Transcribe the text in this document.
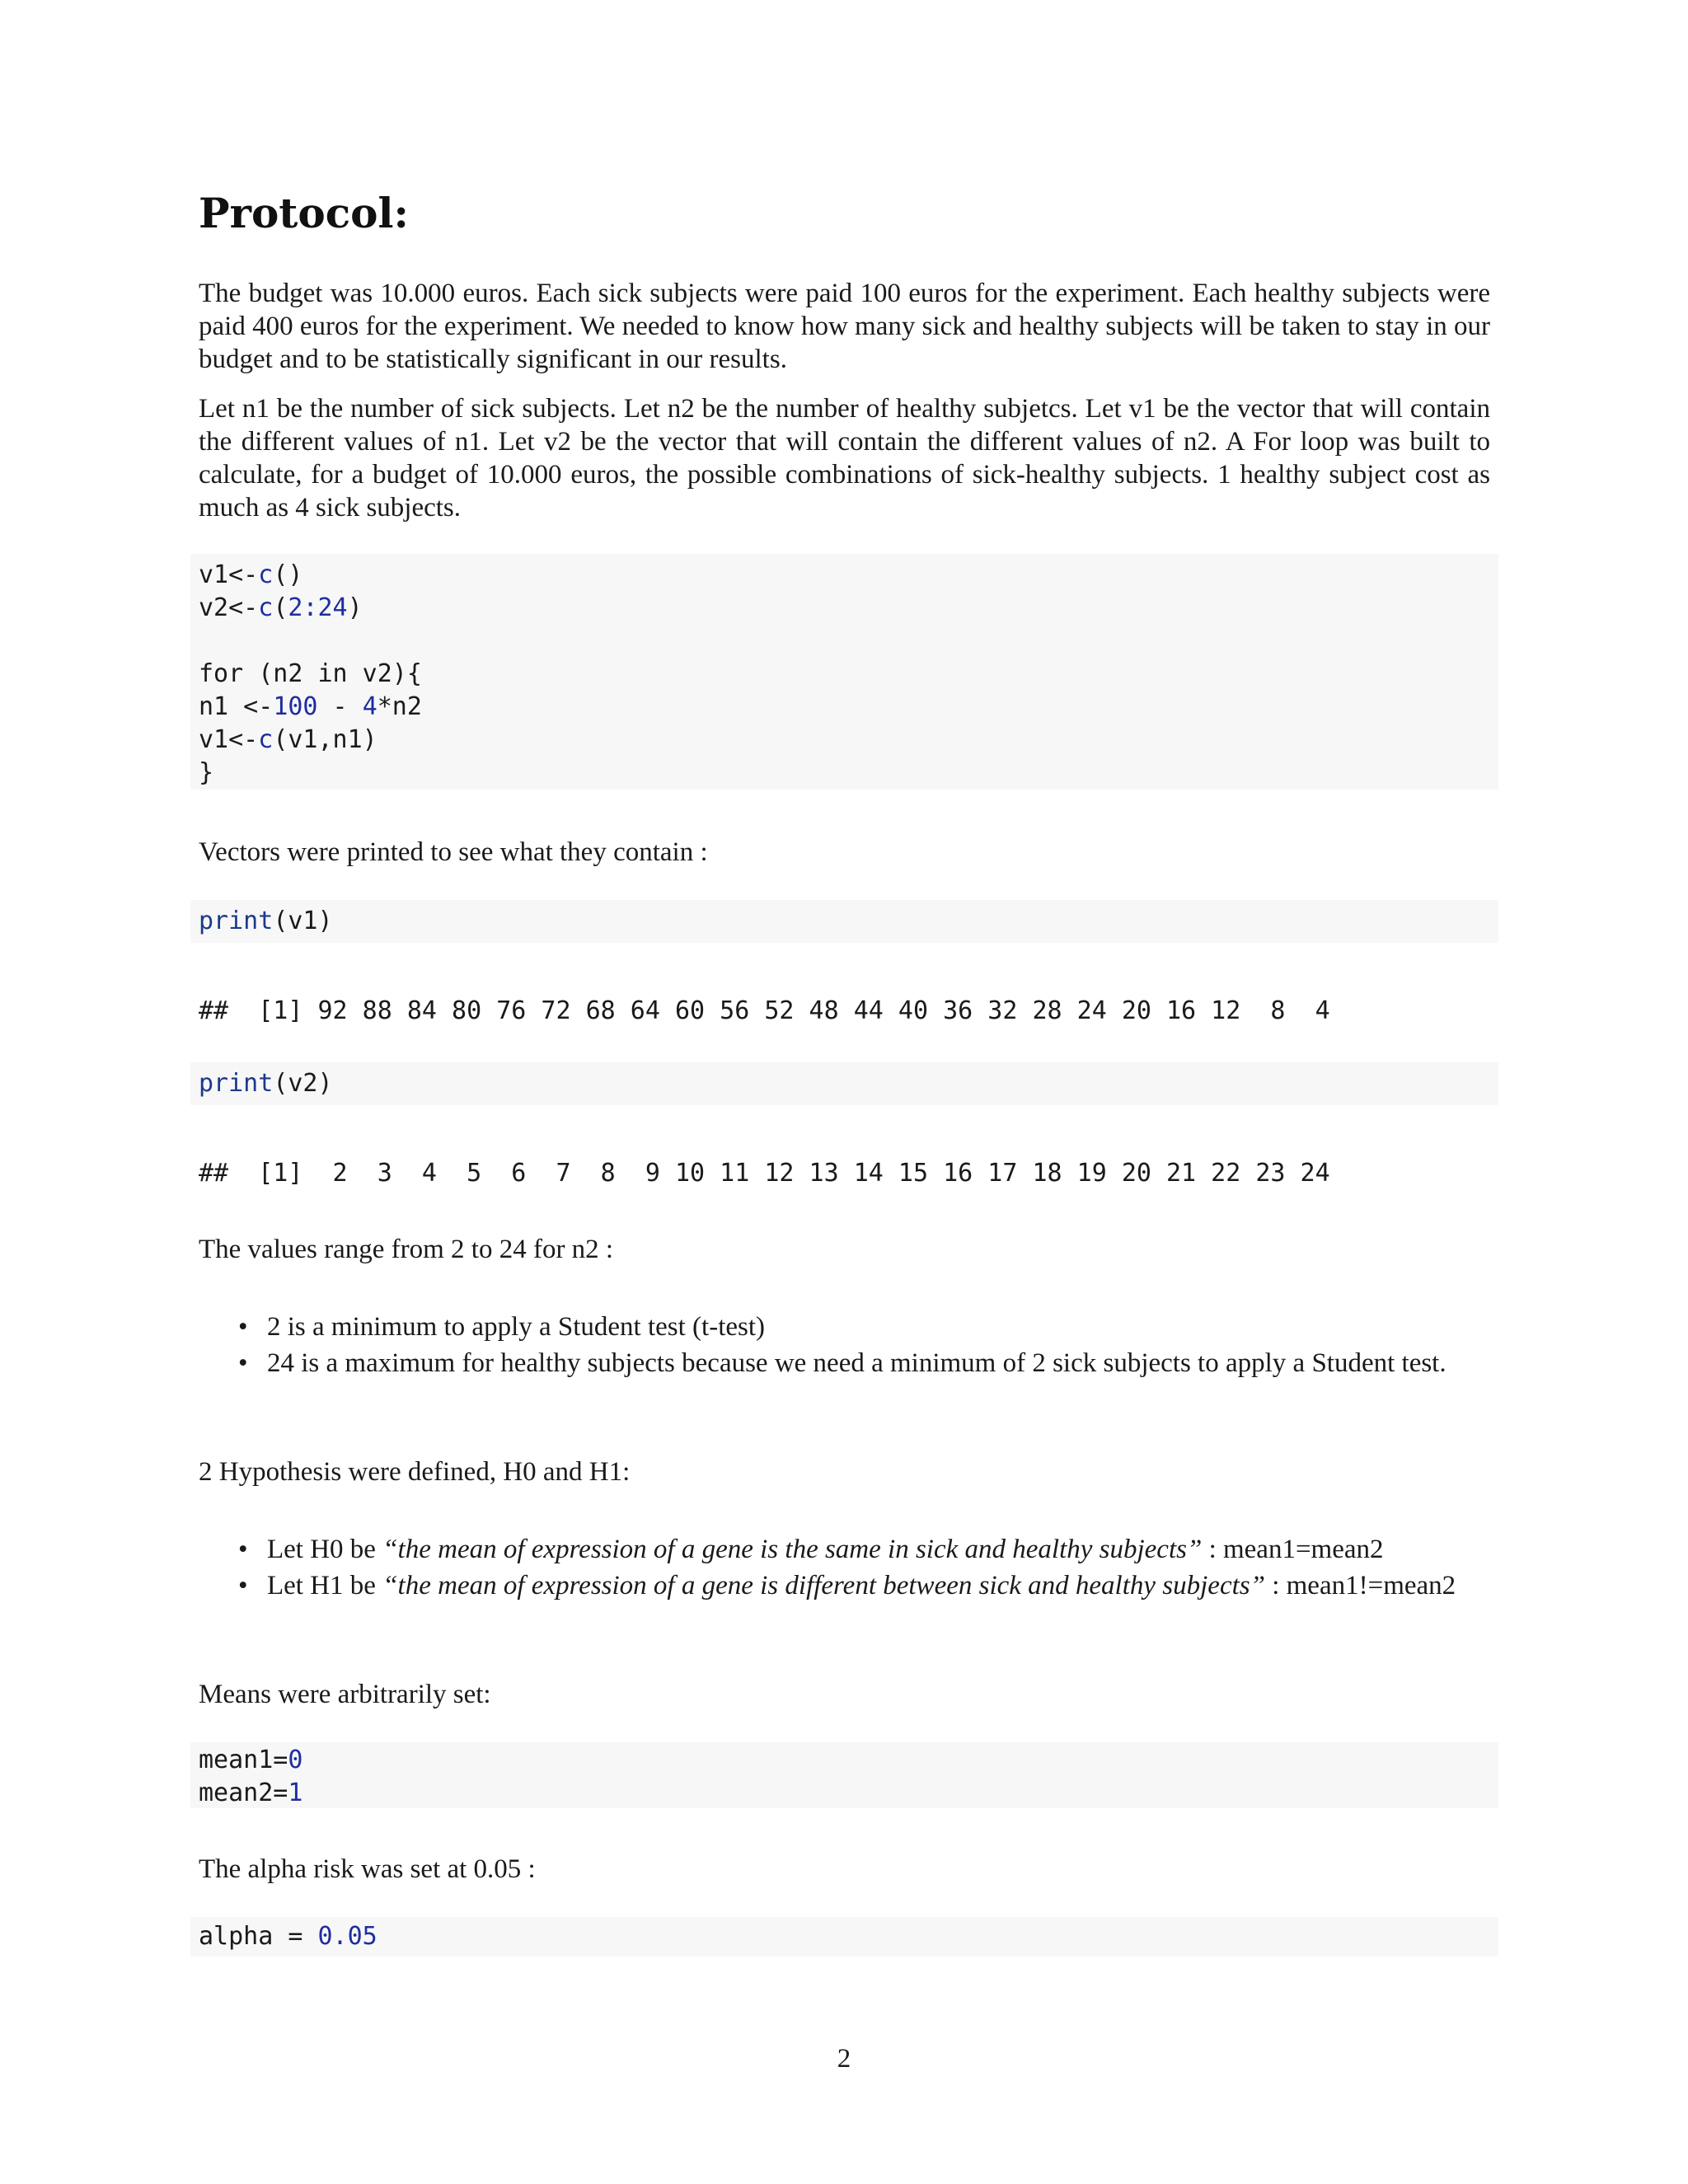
Protocol:

The budget was 10.000 euros. Each sick subjects were paid 100 euros for the experiment. Each healthy subjects were paid 400 euros for the experiment. We needed to know how many sick and healthy subjects will be taken to stay in our budget and to be statistically significant in our results.

Let n1 be the number of sick subjects. Let n2 be the number of healthy subjetcs. Let v1 be the vector that will contain the different values of n1. Let v2 be the vector that will contain the different values of n2. A For loop was built to calculate, for a budget of 10.000 euros, the possible combinations of sick-healthy subjects. 1 healthy subject cost as much as 4 sick subjects.

v1<-c()
v2<-c(2:24)

for (n2 in v2){
n1 <-100 - 4*n2
v1<-c(v1,n1)
}

Vectors were printed to see what they contain :

print(v1)
##  [1] 92 88 84 80 76 72 68 64 60 56 52 48 44 40 36 32 28 24 20 16 12  8  4
print(v2)
##  [1]  2  3  4  5  6  7  8  9 10 11 12 13 14 15 16 17 18 19 20 21 22 23 24

The values range from 2 to 24 for n2 :

• 2 is a minimum to apply a Student test (t-test)
• 24 is a maximum for healthy subjects because we need a minimum of 2 sick subjects to apply a Student test.

2 Hypothesis were defined, H0 and H1:

• Let H0 be “the mean of expression of a gene is the same in sick and healthy subjects” : mean1=mean2
• Let H1 be “the mean of expression of a gene is different between sick and healthy subjects” : mean1!=mean2

Means were arbitrarily set:

mean1=0
mean2=1

The alpha risk was set at 0.05 :

alpha = 0.05
2
